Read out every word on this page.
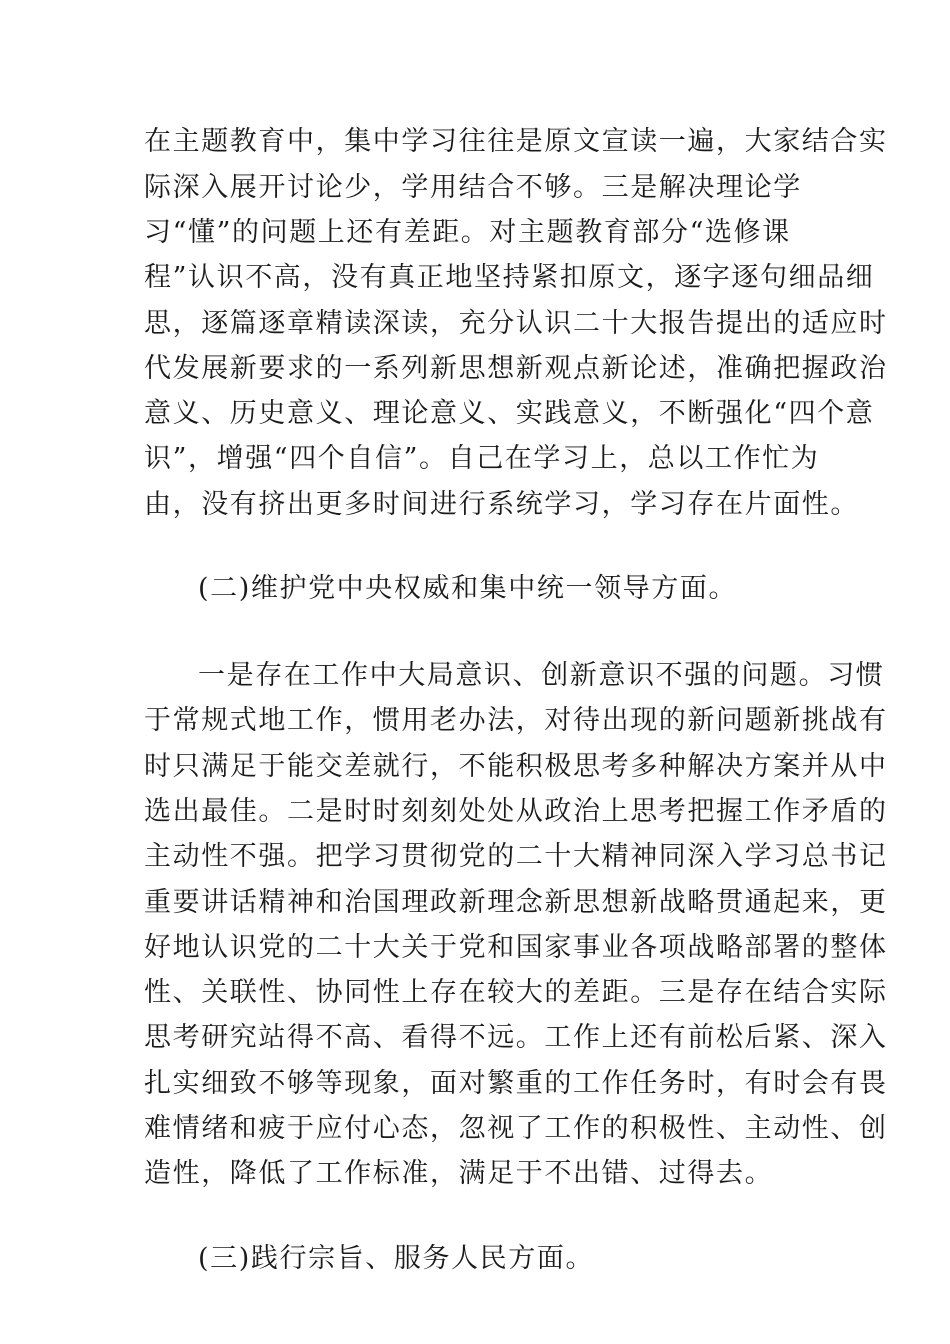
在主题教育中，集中学习往往是原文宣读一遍，大家结合实
际深入展开讨论少，学用结合不够。三是解决理论学
习“懂”的问题上还有差距。对主题教育部分“选修课
程”认识不高，没有真正地坚持紧扣原文，逐字逐句细品细
思，逐篇逐章精读深读，充分认识二十大报告提出的适应时
代发展新要求的一系列新思想新观点新论述，准确把握政治
意义、历史意义、理论意义、实践意义，不断强化“四个意
识”，增强“四个自信”。自己在学习上，总以工作忙为
由，没有挤出更多时间进行系统学习，学习存在片面性。
(二)维护党中央权威和集中统一领导方面。
一是存在工作中大局意识、创新意识不强的问题。习惯
于常规式地工作，惯用老办法，对待出现的新问题新挑战有
时只满足于能交差就行，不能积极思考多种解决方案并从中
选出最佳。二是时时刻刻处处从政治上思考把握工作矛盾的
主动性不强。把学习贯彻党的二十大精神同深入学习总书记
重要讲话精神和治国理政新理念新思想新战略贯通起来，更
好地认识党的二十大关于党和国家事业各项战略部署的整体
性、关联性、协同性上存在较大的差距。三是存在结合实际
思考研究站得不高、看得不远。工作上还有前松后紧、深入
扎实细致不够等现象，面对繁重的工作任务时，有时会有畏
难情绪和疲于应付心态，忽视了工作的积极性、主动性、创
造性，降低了工作标准，满足于不出错、过得去。
(三)践行宗旨、服务人民方面。
